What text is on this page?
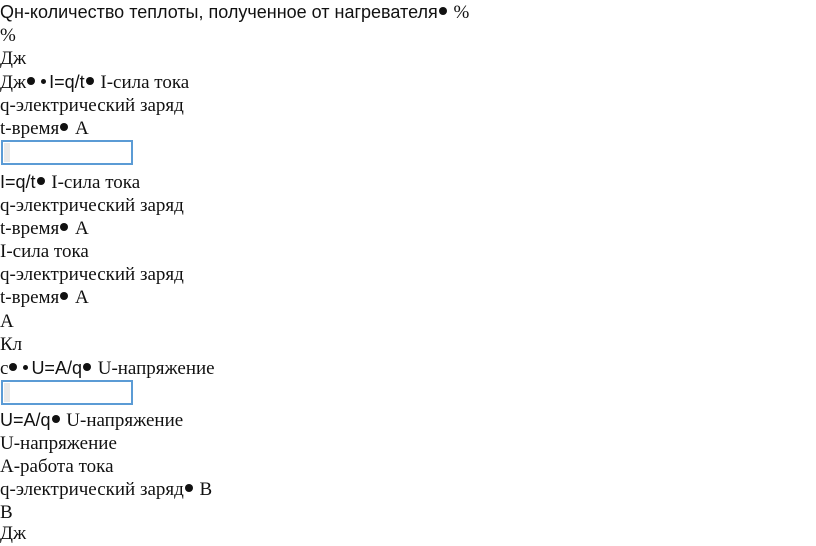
Qн-количество теплоты, полученное от нагревателя %
%
Дж
Дж I=q/t I-сила тока
q-электрический заряд
t-время A
I=q/t I-сила тока
q-электрический заряд
t-время A
I-сила тока
q-электрический заряд
t-время A
A
Кл
с U=A/q U-напряжение
U=A/q U-напряжение
U-напряжение
A-работа тока
q-электрический заряд B
B
Дж
